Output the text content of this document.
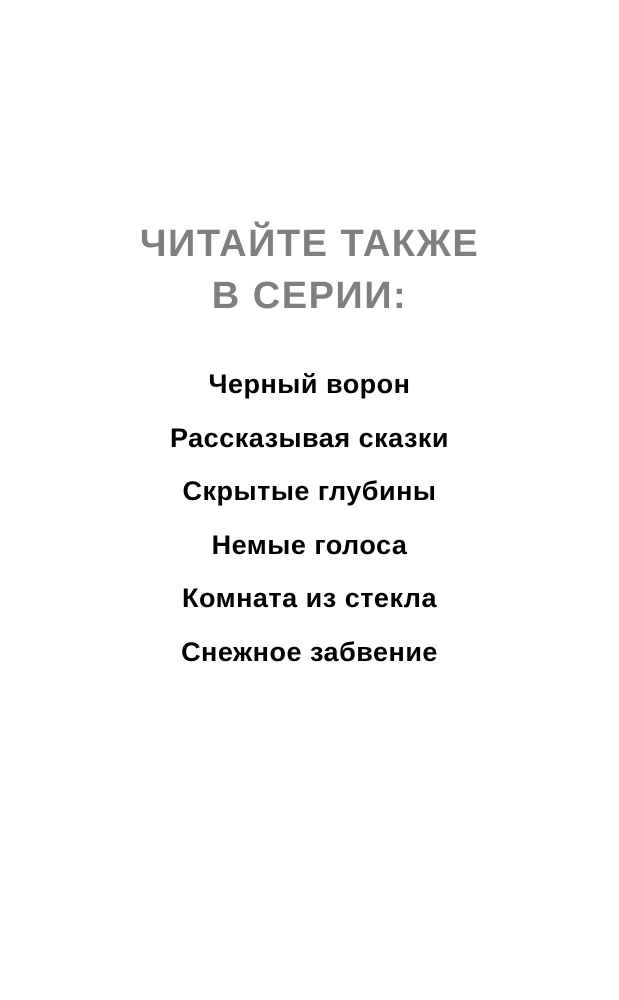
ЧИТАЙТЕ ТАКЖЕ
В СЕРИИ:
Черный ворон
Рассказывая сказки
Скрытые глубины
Немые голоса
Комната из стекла
Снежное забвение
